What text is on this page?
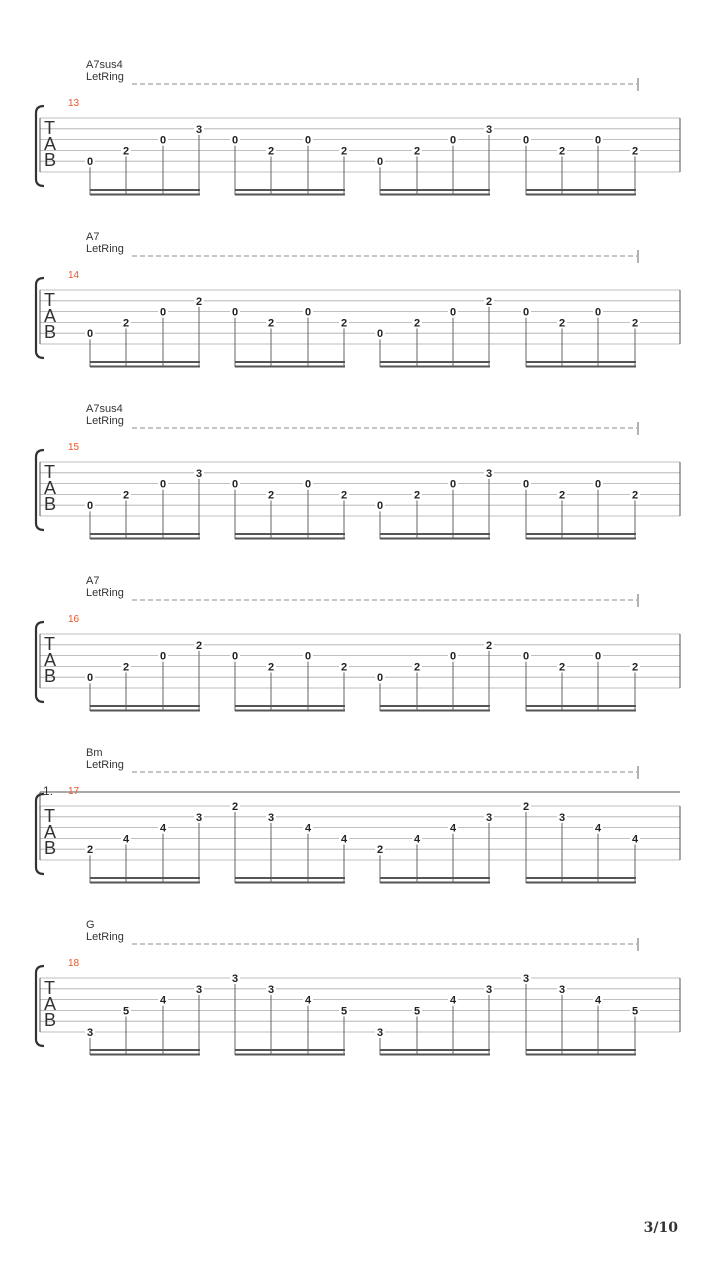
A7sus4
LetRing
13
T
A
B	0
2
0
3
0
2
0
2
0
2
0
3
0
2
0
2
A7
LetRing
14
T
A
B	0
2
0
2
0
2
0
2
0
2
0
2
0
2
0
2
A7sus4
LetRing
15
T
A
B	0
2
0
3
0
2
0
2
0
2
0
3
0
2
0
2
A7
LetRing
16
T
A
B	0
2
0
2
0
2
0
2
0
2
0
2
0
2
0
2
1.
Bm
LetRing
17
T
A
B	2
4
4
3
2
3
4
4
2
4
4
3
2
3
4
4
G
LetRing
18
T
A
B
3
5
4
3
3
3
4
5
3
5
4
3
3
3
4
5
3/10
